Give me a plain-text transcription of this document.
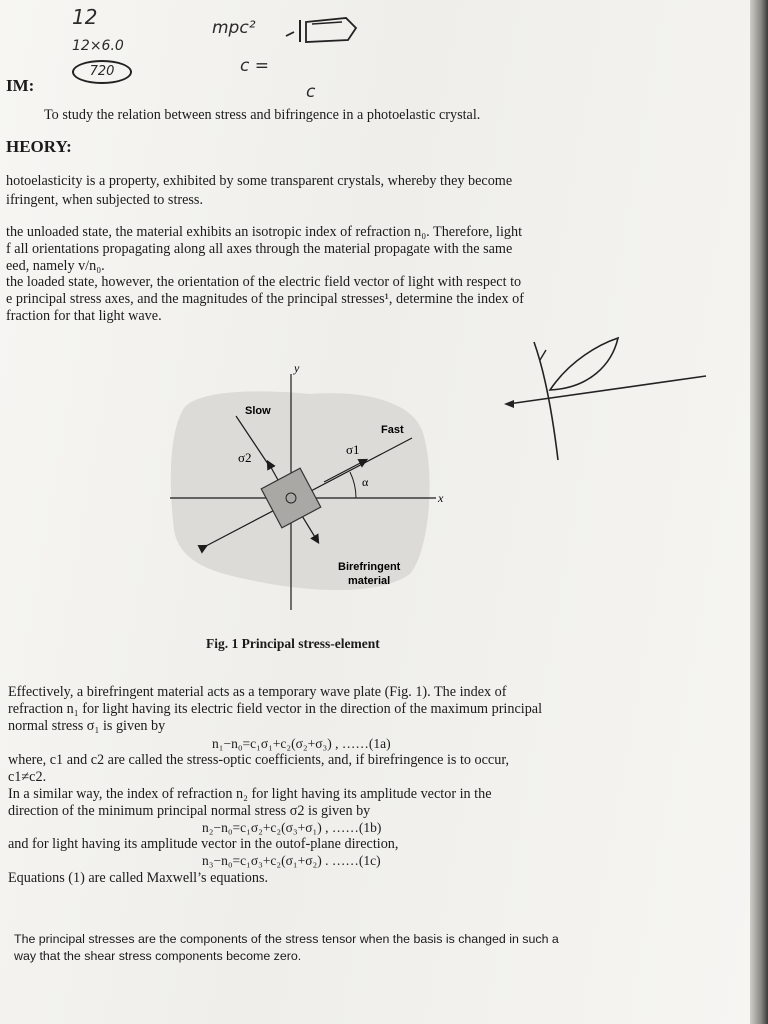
12
12×6.0
720
mpc²
c =
c
IM:
To study the relation between stress and bifringence in a photoelastic crystal.
HEORY:
hotoelasticity is a property, exhibited by some transparent crystals, whereby they become
ifringent, when subjected to stress.
the unloaded state, the material exhibits an isotropic index of refraction n₀. Therefore, light
f all orientations propagating along all axes through the material propagate with the same
eed, namely v/n₀.
the loaded state, however, the orientation of the electric field vector of light with respect to
e principal stress axes, and the magnitudes of the principal stresses¹, determine the index of
fraction for that light wave.
y
x
Slow
Fast
σ2
σ1
α
Birefringent
material
Fig. 1 Principal stress-element
Effectively, a birefringent material acts as a temporary wave plate (Fig. 1). The index of
refraction n₁ for light having its electric field vector in the direction of the maximum principal
normal stress σ₁ is given by
n₁−n₀=c₁σ₁+c₂(σ₂+σ₃) , ……(1a)
where, c1 and c2 are called the stress-optic coefficients, and, if birefringence is to occur,
c1≠c2.
In a similar way, the index of refraction n₂ for light having its amplitude vector in the
direction of the minimum principal normal stress σ2 is given by
n₂−n₀=c₁σ₂+c₂(σ₃+σ₁) , ……(1b)
and for light having its amplitude vector in the outof-plane direction,
n₃−n₀=c₁σ₃+c₂(σ₁+σ₂) . ……(1c)
Equations (1) are called Maxwell’s equations.
The principal stresses are the components of the stress tensor when the basis is changed in such a
way that the shear stress components become zero.
